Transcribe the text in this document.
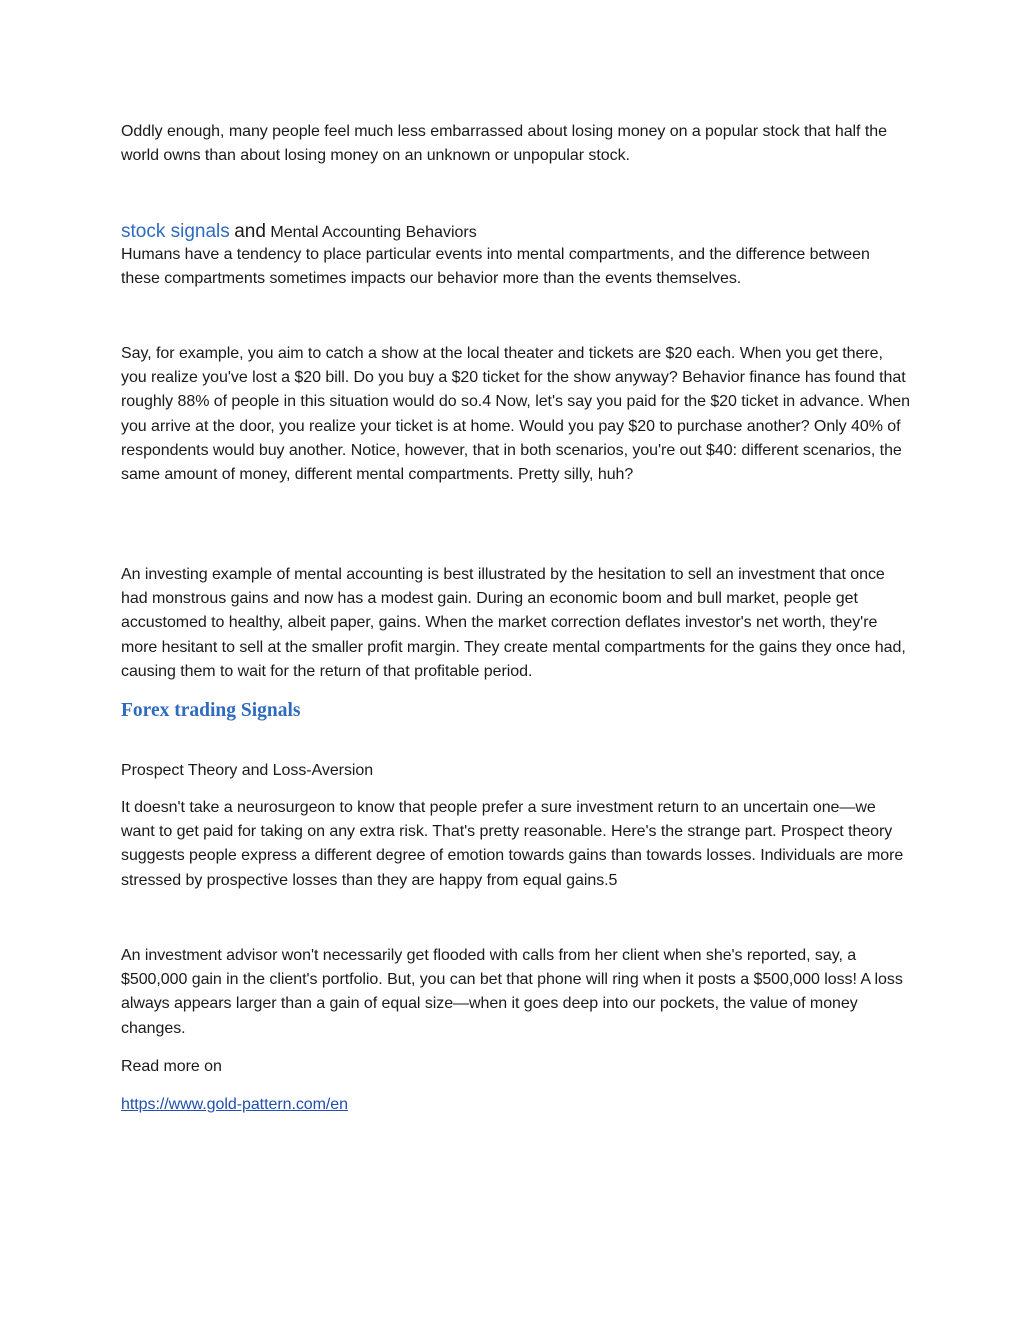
Oddly enough, many people feel much less embarrassed about losing money on a popular stock that half the world owns than about losing money on an unknown or unpopular stock.

stock signals and Mental Accounting Behaviors

Humans have a tendency to place particular events into mental compartments, and the difference between these compartments sometimes impacts our behavior more than the events themselves.

Say, for example, you aim to catch a show at the local theater and tickets are $20 each. When you get there, you realize you've lost a $20 bill. Do you buy a $20 ticket for the show anyway? Behavior finance has found that roughly 88% of people in this situation would do so.4 Now, let's say you paid for the $20 ticket in advance. When you arrive at the door, you realize your ticket is at home. Would you pay $20 to purchase another? Only 40% of respondents would buy another. Notice, however, that in both scenarios, you're out $40: different scenarios, the same amount of money, different mental compartments. Pretty silly, huh?

An investing example of mental accounting is best illustrated by the hesitation to sell an investment that once had monstrous gains and now has a modest gain. During an economic boom and bull market, people get accustomed to healthy, albeit paper, gains. When the market correction deflates investor's net worth, they're more hesitant to sell at the smaller profit margin. They create mental compartments for the gains they once had, causing them to wait for the return of that profitable period.

Forex trading Signals

Prospect Theory and Loss-Aversion

It doesn't take a neurosurgeon to know that people prefer a sure investment return to an uncertain one—we want to get paid for taking on any extra risk. That's pretty reasonable. Here's the strange part. Prospect theory suggests people express a different degree of emotion towards gains than towards losses. Individuals are more stressed by prospective losses than they are happy from equal gains.5

An investment advisor won't necessarily get flooded with calls from her client when she's reported, say, a $500,000 gain in the client's portfolio. But, you can bet that phone will ring when it posts a $500,000 loss! A loss always appears larger than a gain of equal size—when it goes deep into our pockets, the value of money changes.

Read more on

https://www.gold-pattern.com/en
